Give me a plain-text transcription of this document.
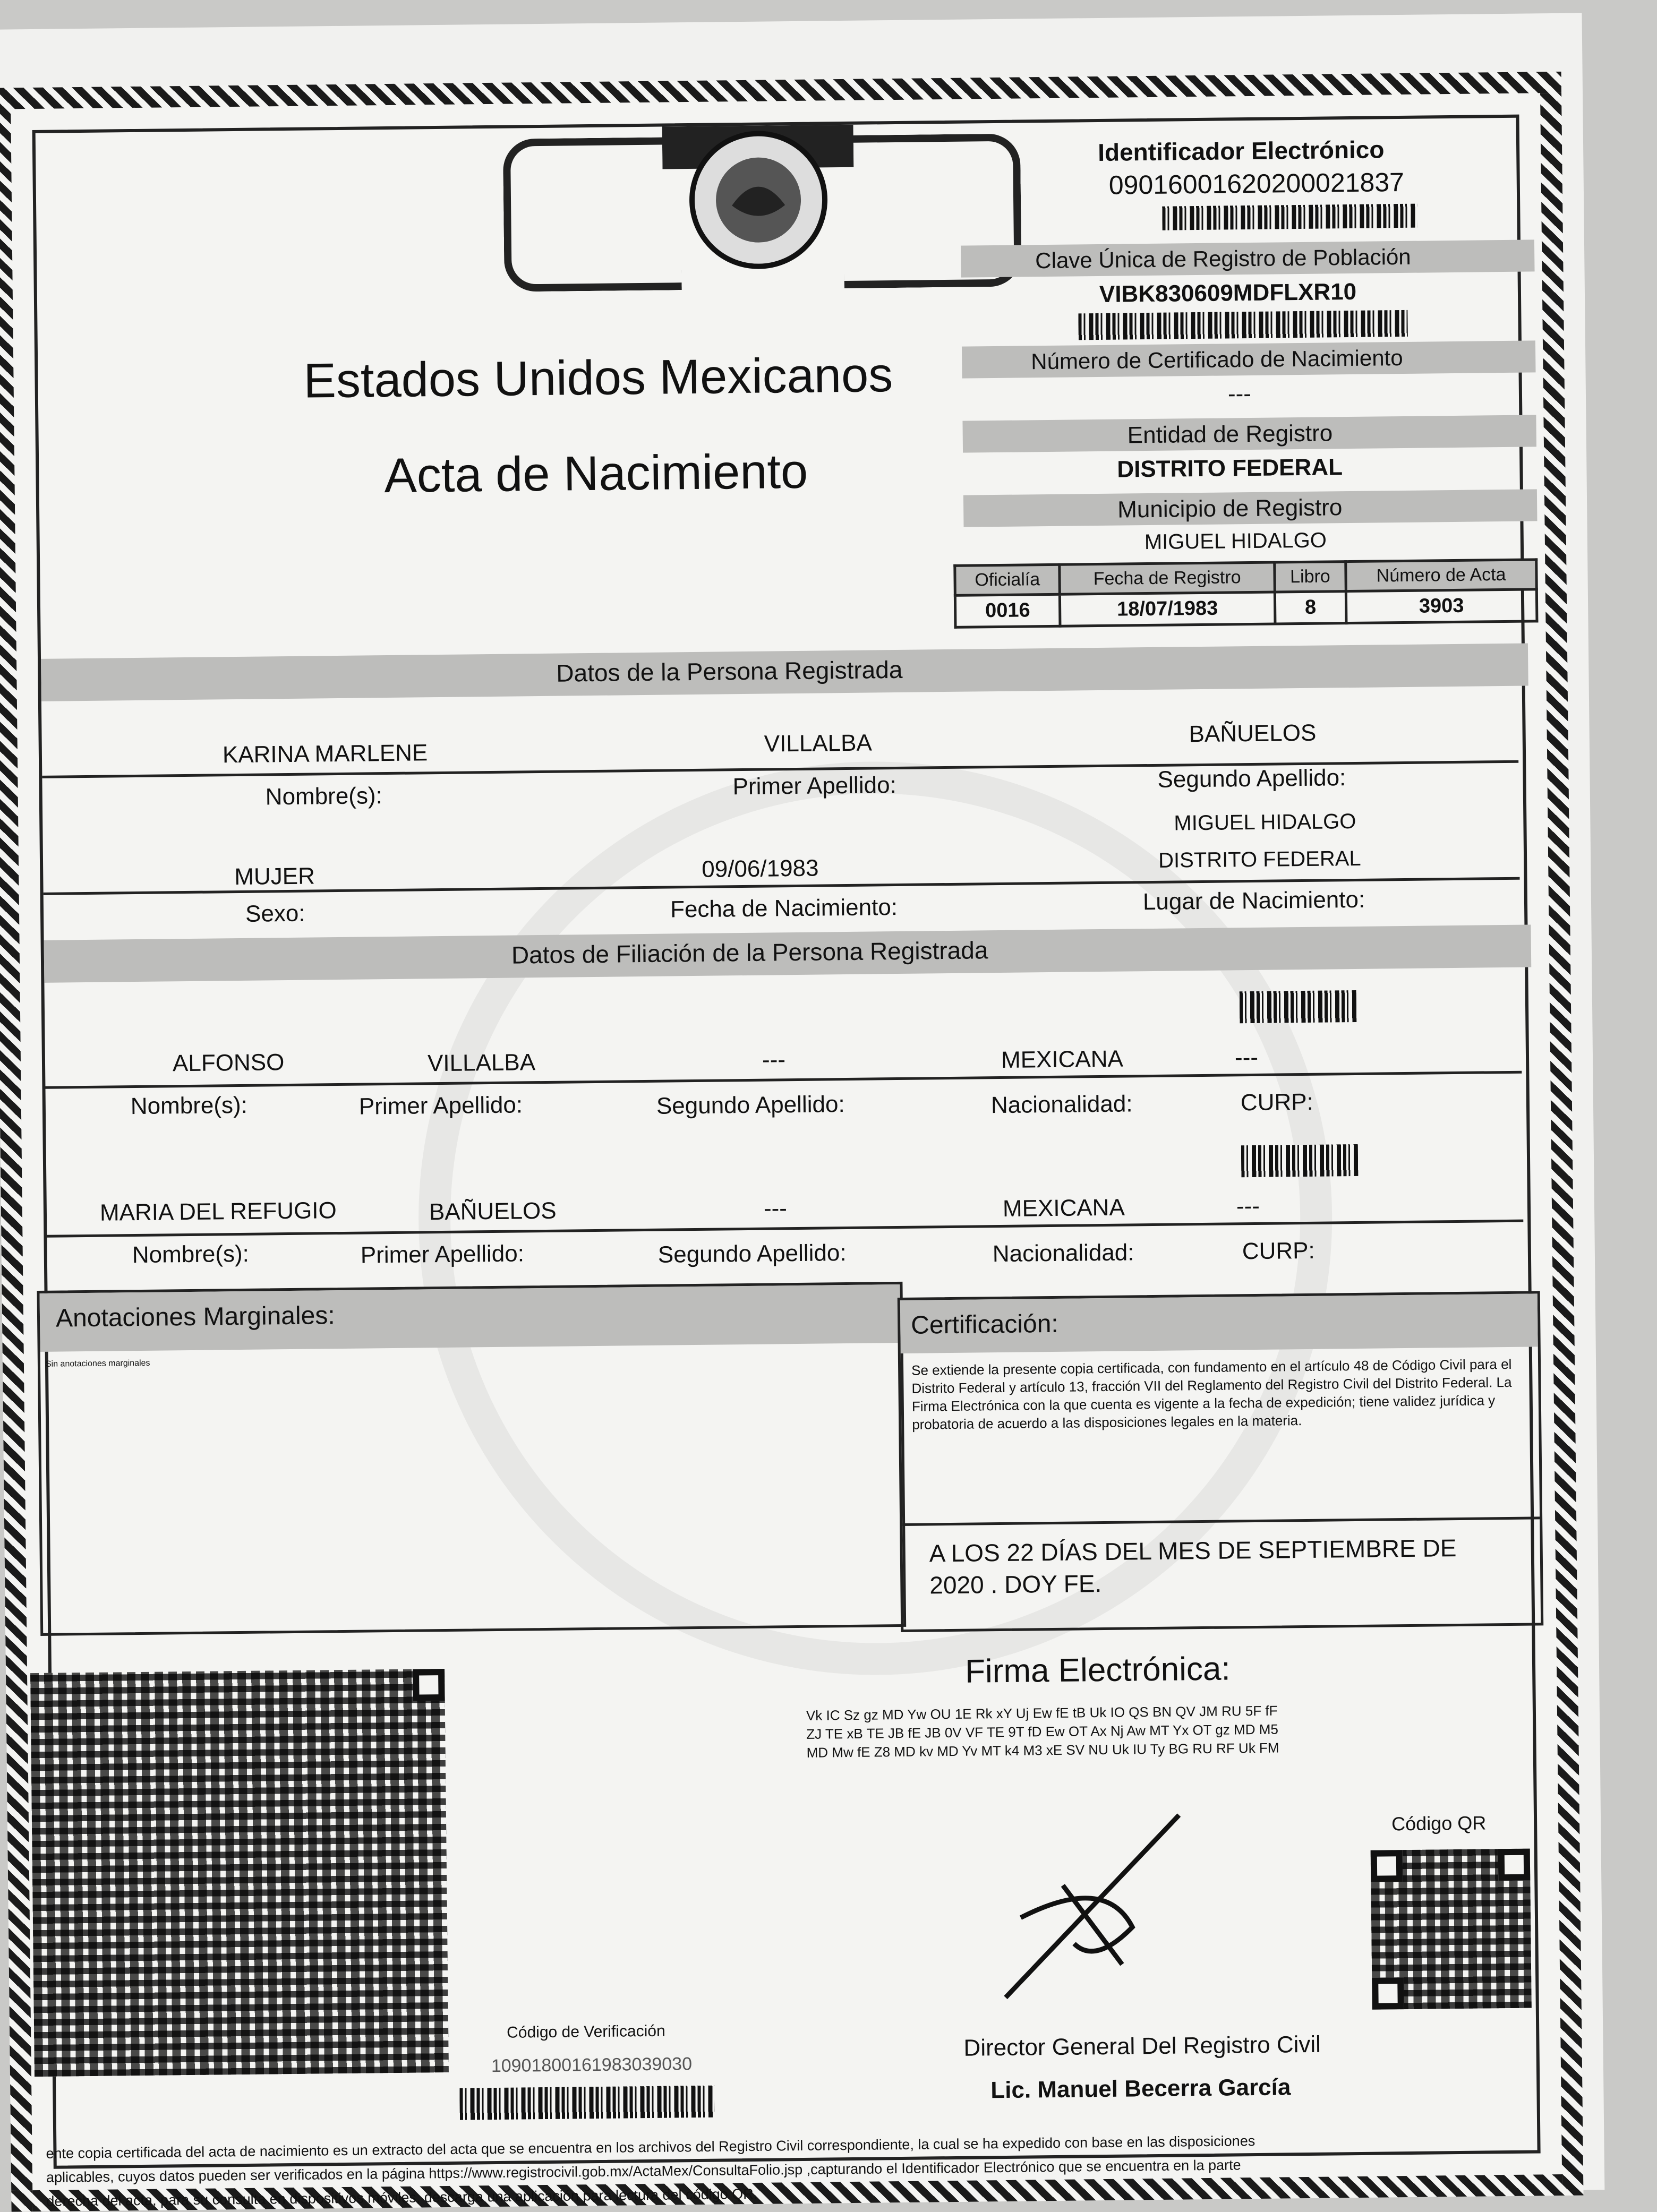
Estados Unidos Mexicanos
Acta de Nacimiento
Identificador Electrónico
09016001620200021837
Clave Única de Registro de Población
VIBK830609MDFLXR10
Número de Certificado de Nacimiento
---
Entidad de Registro
DISTRITO FEDERAL
Municipio de Registro
MIGUEL HIDALGO
Oficialía	Fecha de Registro	Libro	Número de Acta
0016	18/07/1983	8	3903
Datos de la Persona Registrada
KARINA MARLENE	VILLALBA	BAÑUELOS
Nombre(s):	Primer Apellido:	Segundo Apellido:
MIGUEL HIDALGO
MUJER	09/06/1983	DISTRITO FEDERAL
Sexo:	Fecha de Nacimiento:	Lugar de Nacimiento:
Datos de Filiación de la Persona Registrada
ALFONSO	VILLALBA	---	MEXICANA	---
Nombre(s):	Primer Apellido:	Segundo Apellido:	Nacionalidad:	CURP:
MARIA DEL REFUGIO	BAÑUELOS	---	MEXICANA	---
Nombre(s):	Primer Apellido:	Segundo Apellido:	Nacionalidad:	CURP:
Anotaciones Marginales:
Sin anotaciones marginales
Certificación:
Se extiende la presente copia certificada, con fundamento en el artículo 48 de Código Civil para el Distrito Federal y artículo 13, fracción VII del Reglamento del Registro Civil del Distrito Federal. La Firma Electrónica con la que cuenta es vigente a la fecha de expedición; tiene validez jurídica y probatoria de acuerdo a las disposiciones legales en la materia.
A LOS 22 DÍAS DEL MES DE SEPTIEMBRE DE
2020 . DOY FE.
Firma Electrónica:
Vk IC Sz gz MD Yw OU 1E Rk xY Uj Ew fE tB Uk IO QS BN QV JM RU 5F fF
ZJ TE xB TE JB fE JB 0V VF TE 9T fD Ew OT Ax Nj Aw MT Yx OT gz MD M5
MD Mw fE Z8 MD kv MD Yv MT k4 M3 xE SV NU Uk IU Ty BG RU RF Uk FM
Código QR
Director General Del Registro Civil
Lic. Manuel Becerra García
Código de Verificación
10901800161983039030
ente copia certificada del acta de nacimiento es un extracto del acta que se encuentra en los archivos del Registro Civil correspondiente, la cual se ha expedido con base en las disposiciones
aplicables, cuyos datos pueden ser verificados en la página https://www.registrocivil.gob.mx/ActaMex/ConsultaFolio.jsp ,capturando el Identificador Electrónico que se encuentra en la parte
derecha del acta, para su consulta en dispositivos móviles, descarga una aplicación para lectura del código QR.
